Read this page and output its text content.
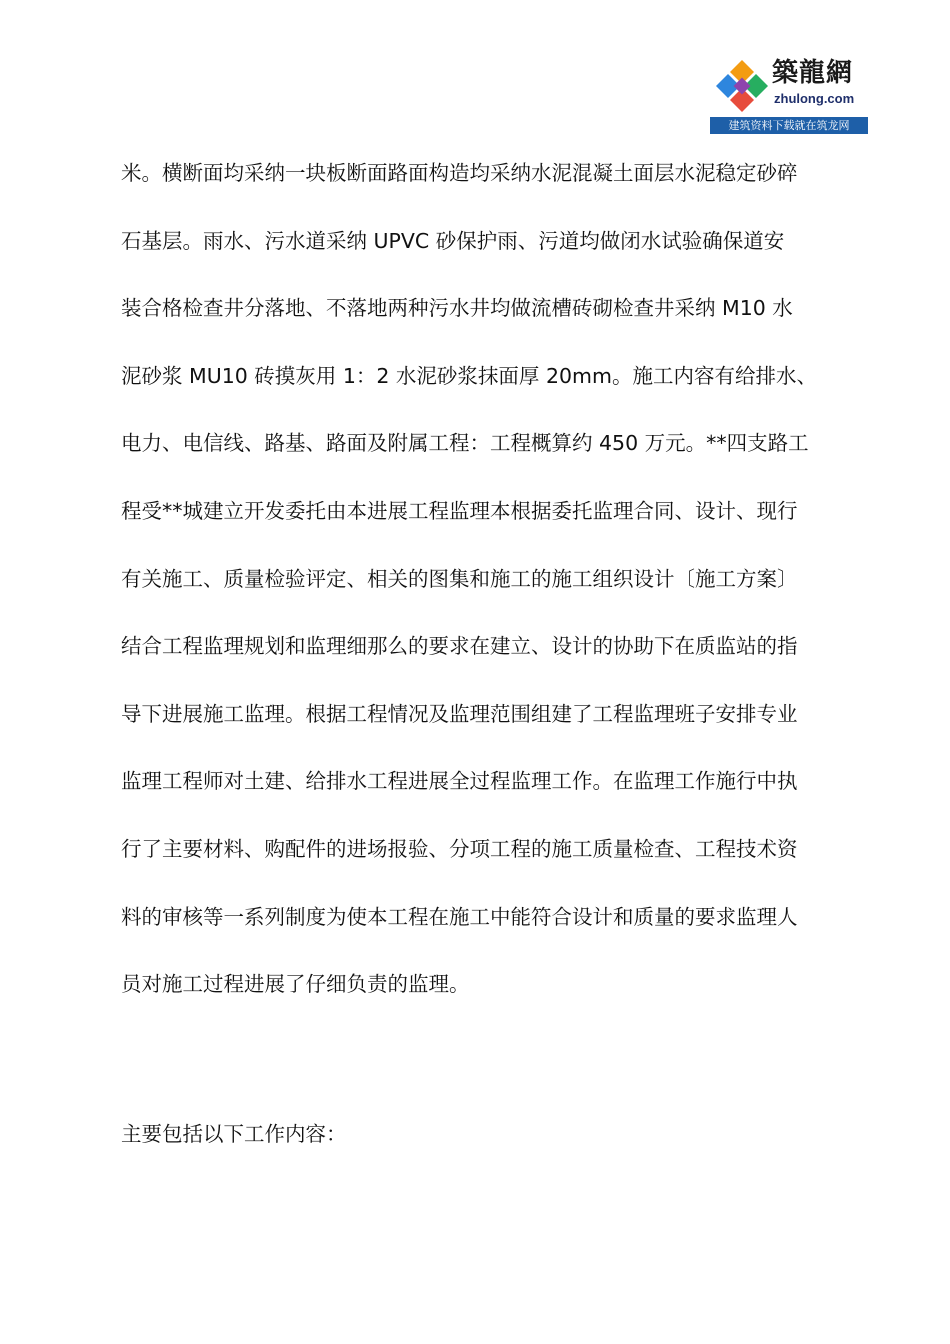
築龍網
zhulong.com
建筑资料下载就在筑龙网
米。横断面均采纳一块板断面路面构造均采纳水泥混凝土面层水泥稳定砂碎
石基层。雨水、污水道采纳 UPVC 砂保护雨、污道均做闭水试验确保道安
装合格检查井分落地、不落地两种污水井均做流槽砖砌检查井采纳 M10 水
泥砂浆 MU10 砖摸灰用 1：2 水泥砂浆抹面厚 20mm。施工内容有给排水、
电力、电信线、路基、路面及附属工程：工程概算约 450 万元。**四支路工
程受**城建立开发委托由本进展工程监理本根据委托监理合同、设计、现行
有关施工、质量检验评定、相关的图集和施工的施工组织设计〔施工方案〕
结合工程监理规划和监理细那么的要求在建立、设计的协助下在质监站的指
导下进展施工监理。根据工程情况及监理范围组建了工程监理班子安排专业
监理工程师对土建、给排水工程进展全过程监理工作。在监理工作施行中执
行了主要材料、购配件的进场报验、分项工程的施工质量检查、工程技术资
料的审核等一系列制度为使本工程在施工中能符合设计和质量的要求监理人
员对施工过程进展了仔细负责的监理。
主要包括以下工作内容：
